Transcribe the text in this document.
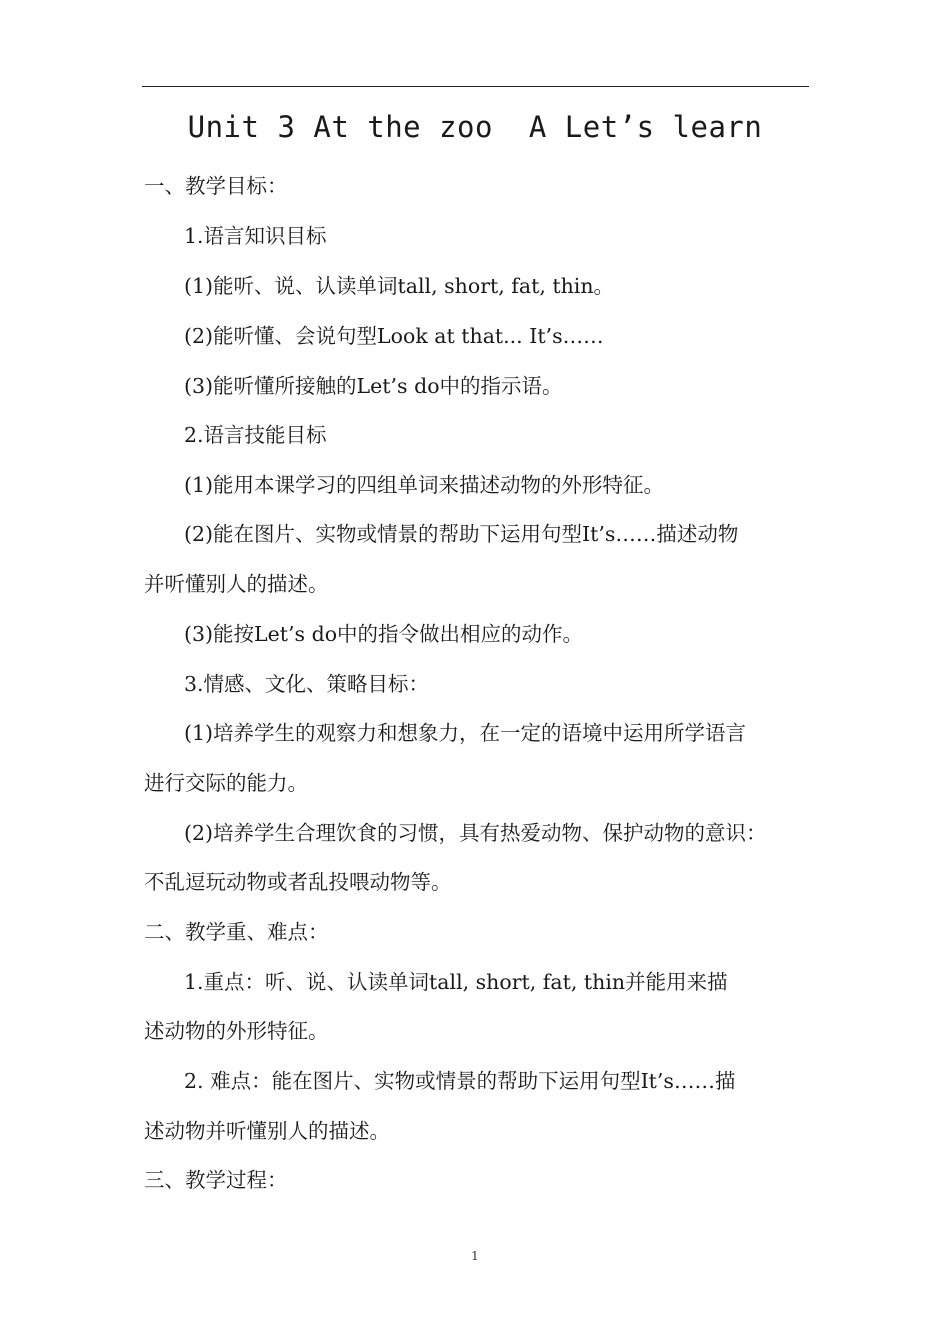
Unit 3 At the zoo  A Let’s learn
一、教学目标：
1.语言知识目标
(1)能听、说、认读单词tall, short, fat, thin。
(2)能听懂、会说句型Look at that... It’s……
(3)能听懂所接触的Let’s do中的指示语。
2.语言技能目标
(1)能用本课学习的四组单词来描述动物的外形特征。
(2)能在图片、实物或情景的帮助下运用句型It’s……描述动物
并听懂别人的描述。
(3)能按Let’s do中的指令做出相应的动作。
3.情感、文化、策略目标：
(1)培养学生的观察力和想象力，在一定的语境中运用所学语言
进行交际的能力。
(2)培养学生合理饮食的习惯，具有热爱动物、保护动物的意识：
不乱逗玩动物或者乱投喂动物等。
二、教学重、难点：
1.重点：听、说、认读单词tall, short, fat, thin并能用来描
述动物的外形特征。
2. 难点：能在图片、实物或情景的帮助下运用句型It’s……描
述动物并听懂别人的描述。
三、教学过程：
1
